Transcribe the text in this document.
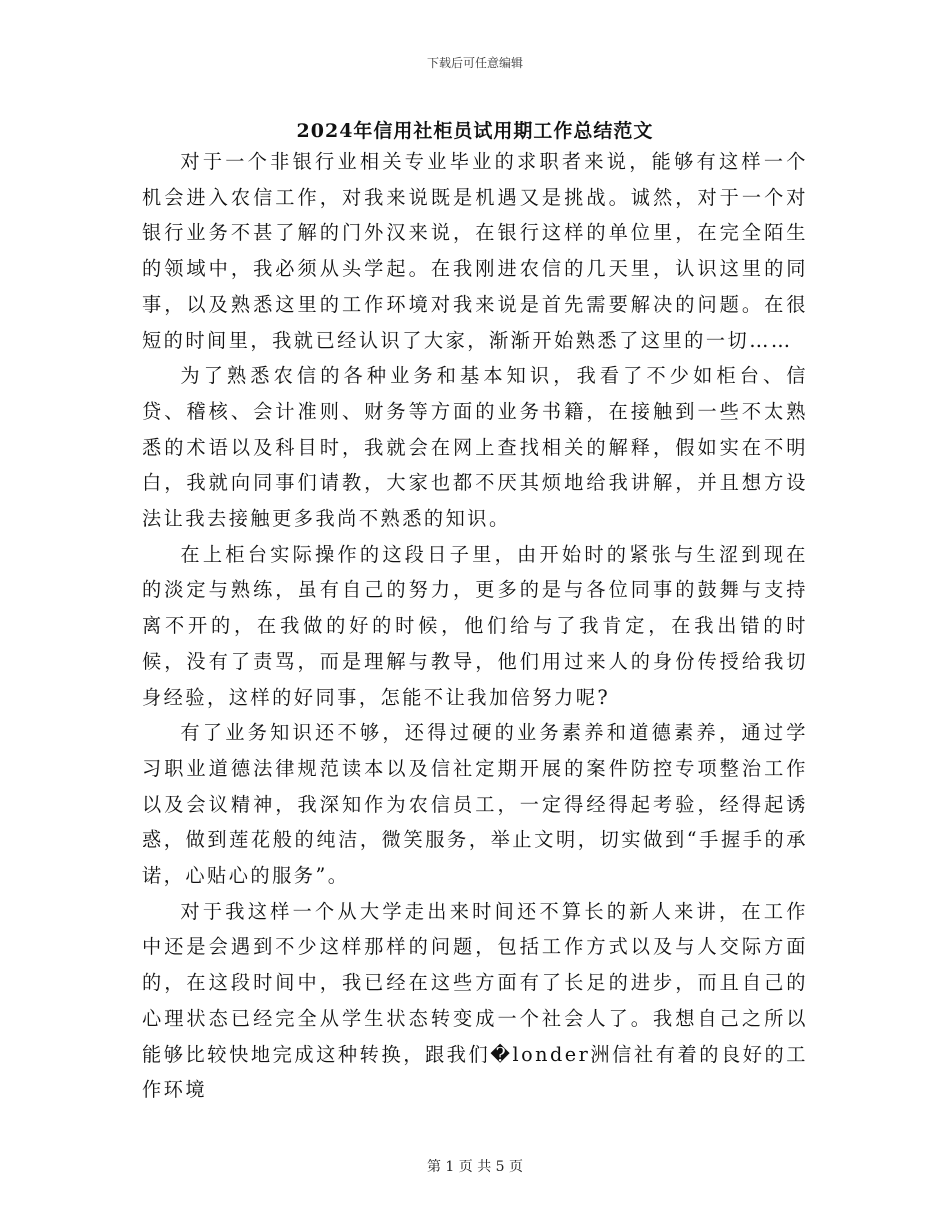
下载后可任意编辑
2024年信用社柜员试用期工作总结范文

对于一个非银行业相关专业毕业的求职者来说，能够有这样一个机会进入农信工作，对我来说既是机遇又是挑战。诚然，对于一个对银行业务不甚了解的门外汉来说，在银行这样的单位里，在完全陌生的领域中，我必须从头学起。在我刚进农信的几天里，认识这里的同事，以及熟悉这里的工作环境对我来说是首先需要解决的问题。在很短的时间里，我就已经认识了大家，渐渐开始熟悉了这里的一切……

为了熟悉农信的各种业务和基本知识，我看了不少如柜台、信贷、稽核、会计准则、财务等方面的业务书籍，在接触到一些不太熟悉的术语以及科目时，我就会在网上查找相关的解释，假如实在不明白，我就向同事们请教，大家也都不厌其烦地给我讲解，并且想方设法让我去接触更多我尚不熟悉的知识。

在上柜台实际操作的这段日子里，由开始时的紧张与生涩到现在的淡定与熟练，虽有自己的努力，更多的是与各位同事的鼓舞与支持离不开的，在我做的好的时候，他们给与了我肯定，在我出错的时候，没有了责骂，而是理解与教导，他们用过来人的身份传授给我切身经验，这样的好同事，怎能不让我加倍努力呢?

有了业务知识还不够，还得过硬的业务素养和道德素养，通过学习职业道德法律规范读本以及信社定期开展的案件防控专项整治工作以及会议精神，我深知作为农信员工，一定得经得起考验，经得起诱惑，做到莲花般的纯洁，微笑服务，举止文明，切实做到“手握手的承诺，心贴心的服务”。

对于我这样一个从大学走出来时间还不算长的新人来讲，在工作中还是会遇到不少这样那样的问题，包括工作方式以及与人交际方面的，在这段时间中，我已经在这些方面有了长足的进步，而且自己的心理状态已经完全从学生状态转变成一个社会人了。我想自己之所以能够比较快地完成这种转换，跟我们�londer洲信社有着的良好的工作环境

第 1 页 共 5 页
